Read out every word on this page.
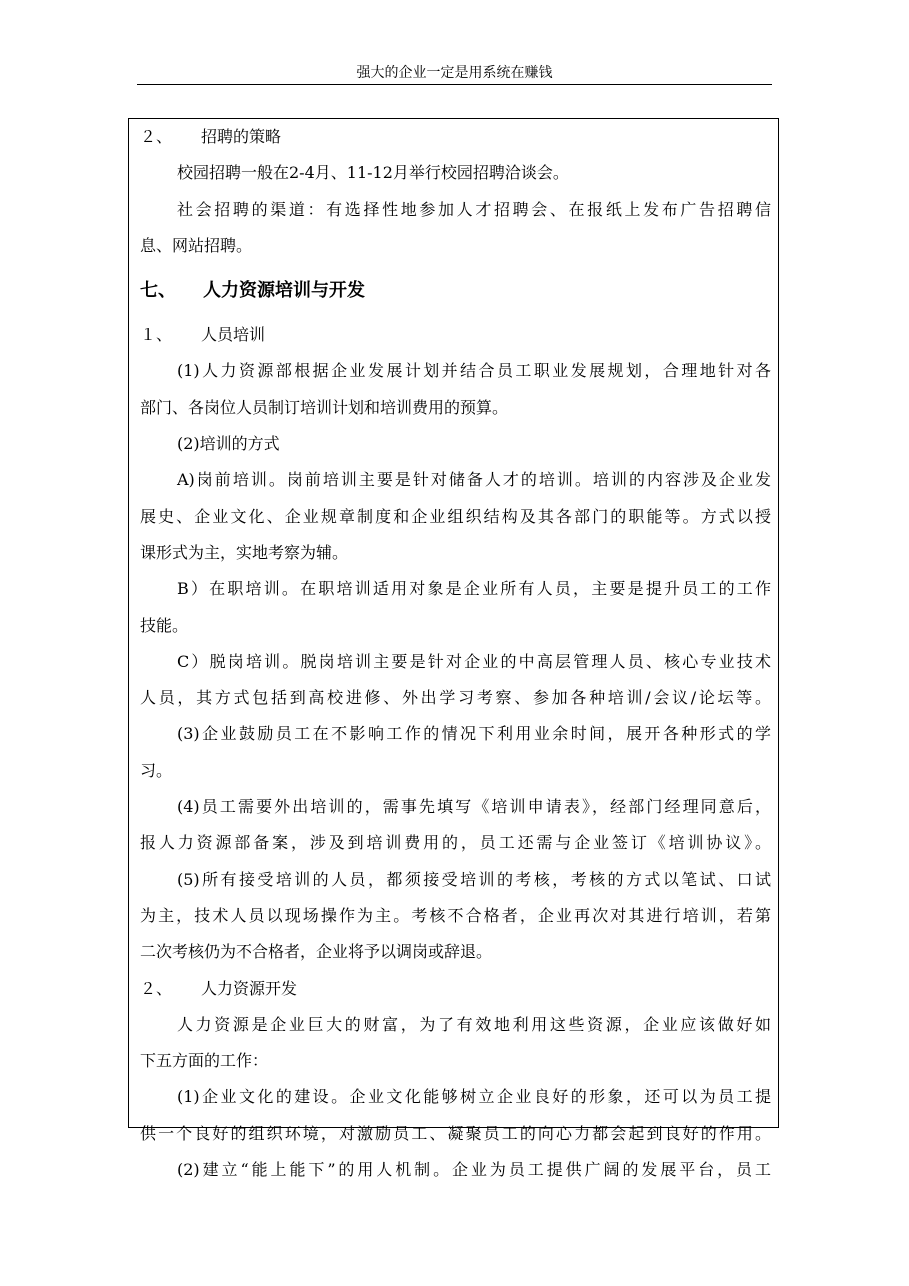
强大的企业一定是用系统在赚钱
２、 招聘的策略
校园招聘一般在2-4月、11-12月举行校园招聘洽谈会。
社会招聘的渠道：有选择性地参加人才招聘会、在报纸上发布广告招聘信
息、网站招聘。
七、 人力资源培训与开发
１、 人员培训
(1)人力资源部根据企业发展计划并结合员工职业发展规划，合理地针对各
部门、各岗位人员制订培训计划和培训费用的预算。
(2)培训的方式
A)岗前培训。岗前培训主要是针对储备人才的培训。培训的内容涉及企业发
展史、企业文化、企业规章制度和企业组织结构及其各部门的职能等。方式以授
课形式为主，实地考察为辅。
B）在职培训。在职培训适用对象是企业所有人员，主要是提升员工的工作
技能。
C）脱岗培训。脱岗培训主要是针对企业的中高层管理人员、核心专业技术
人员，其方式包括到高校进修、外出学习考察、参加各种培训/会议/论坛等。
(3)企业鼓励员工在不影响工作的情况下利用业余时间，展开各种形式的学
习。
(4)员工需要外出培训的，需事先填写《培训申请表》，经部门经理同意后，
报人力资源部备案，涉及到培训费用的，员工还需与企业签订《培训协议》。
(5)所有接受培训的人员，都须接受培训的考核，考核的方式以笔试、口试
为主，技术人员以现场操作为主。考核不合格者，企业再次对其进行培训，若第
二次考核仍为不合格者，企业将予以调岗或辞退。
２、 人力资源开发
人力资源是企业巨大的财富，为了有效地利用这些资源，企业应该做好如
下五方面的工作：
(1)企业文化的建设。企业文化能够树立企业良好的形象，还可以为员工提
供一个良好的组织环境，对激励员工、凝聚员工的向心力都会起到良好的作用。
(2)建立“能上能下”的用人机制。企业为员工提供广阔的发展平台，员工
